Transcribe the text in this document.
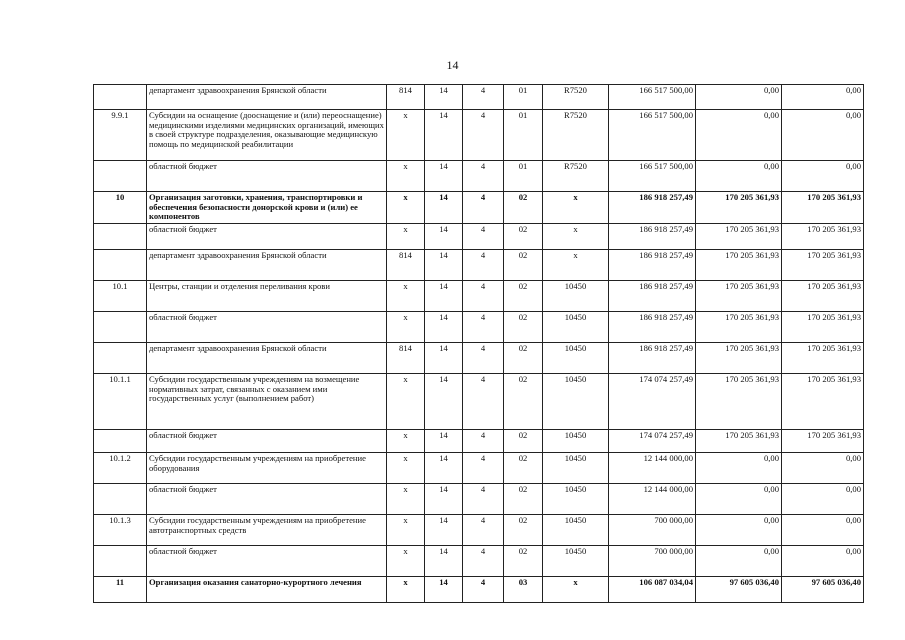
14
	департамент здравоохранения Брянской области	814	14	4	01	R7520	166 517 500,00	0,00	0,00
9.9.1	Субсидии на оснащение (дооснащение и (или) переоснащение) медицинскими изделиями медицинских организаций, имеющих в своей структуре подразделения, оказывающие медицинскую помощь по медицинской реабилитации	х	14	4	01	R7520	166 517 500,00	0,00	0,00
	областной бюджет	х	14	4	01	R7520	166 517 500,00	0,00	0,00
10	Организация заготовки, хранения, транспортировки и обеспечения безопасности донорской крови и (или) ее компонентов	х	14	4	02	х	186 918 257,49	170 205 361,93	170 205 361,93
	областной бюджет	х	14	4	02	х	186 918 257,49	170 205 361,93	170 205 361,93
	департамент здравоохранения Брянской области	814	14	4	02	х	186 918 257,49	170 205 361,93	170 205 361,93
10.1	Центры, станции и отделения переливания крови	х	14	4	02	10450	186 918 257,49	170 205 361,93	170 205 361,93
	областной бюджет	х	14	4	02	10450	186 918 257,49	170 205 361,93	170 205 361,93
	департамент здравоохранения Брянской области	814	14	4	02	10450	186 918 257,49	170 205 361,93	170 205 361,93
10.1.1	Субсидии государственным учреждениям на возмещение нормативных затрат, связанных с оказанием ими государственных услуг (выполнением работ)	х	14	4	02	10450	174 074 257,49	170 205 361,93	170 205 361,93
	областной бюджет	х	14	4	02	10450	174 074 257,49	170 205 361,93	170 205 361,93
10.1.2	Субсидии государственным учреждениям на приобретение оборудования	х	14	4	02	10450	12 144 000,00	0,00	0,00
	областной бюджет	х	14	4	02	10450	12 144 000,00	0,00	0,00
10.1.3	Субсидии государственным учреждениям на приобретение автотранспортных средств	х	14	4	02	10450	700 000,00	0,00	0,00
	областной бюджет	х	14	4	02	10450	700 000,00	0,00	0,00
11	Организация оказания санаторно-курортного лечения	х	14	4	03	х	106 087 034,04	97 605 036,40	97 605 036,40
